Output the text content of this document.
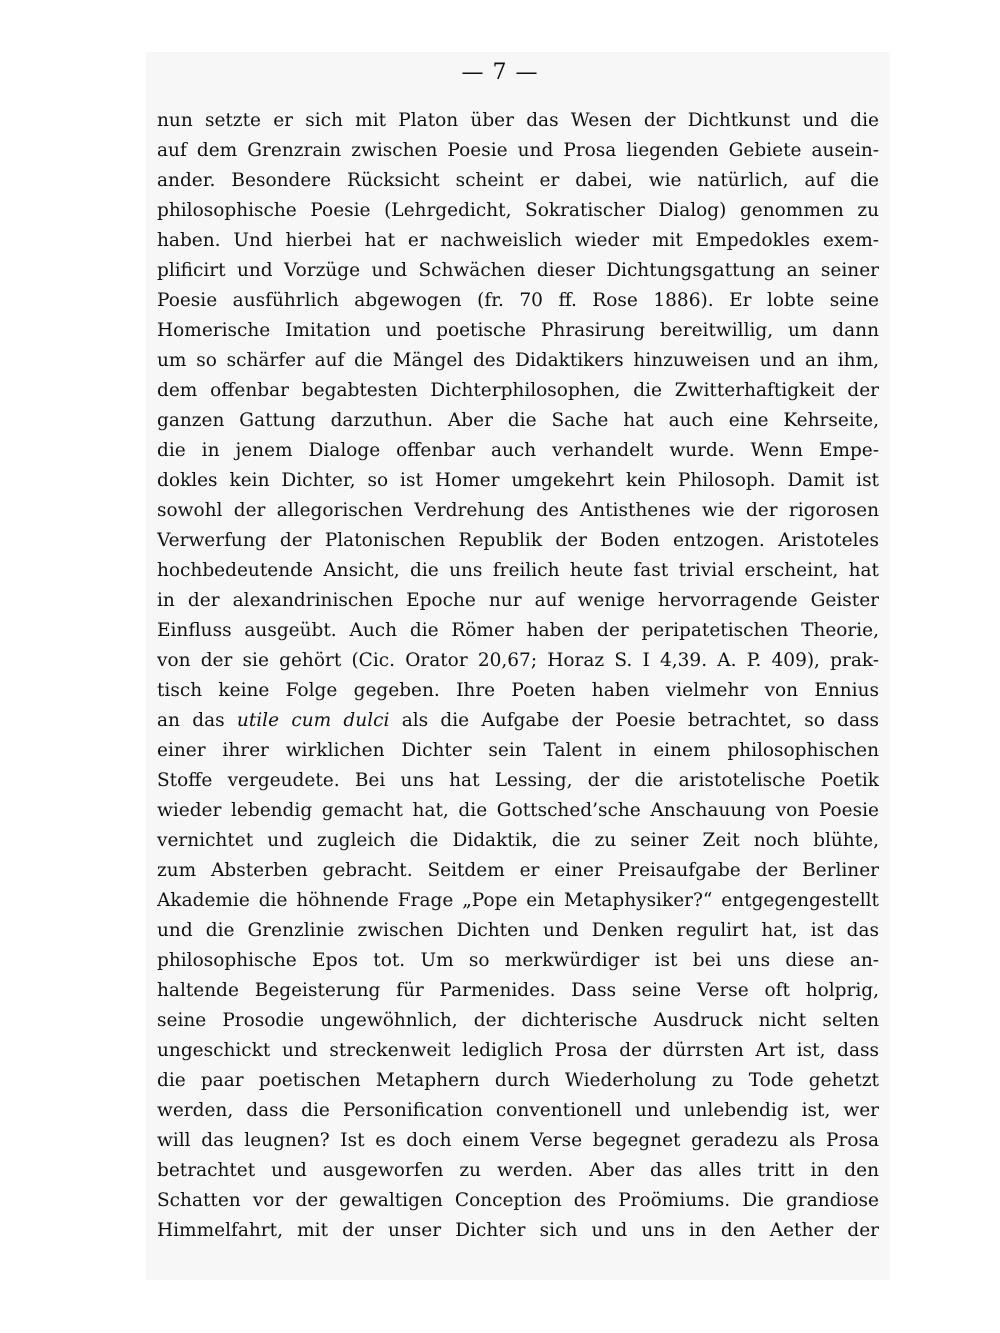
— 7 —
nun setzte er sich mit Platon über das Wesen der Dichtkunst und die
auf dem Grenzrain zwischen Poesie und Prosa liegenden Gebiete ausein-
ander. Besondere Rücksicht scheint er dabei, wie natürlich, auf die
philosophische Poesie (Lehrgedicht, Sokratischer Dialog) genommen zu
haben. Und hierbei hat er nachweislich wieder mit Empedokles exem-
plificirt und Vorzüge und Schwächen dieser Dichtungsgattung an seiner
Poesie ausführlich abgewogen (fr. 70 ff. Rose 1886). Er lobte seine
Homerische Imitation und poetische Phrasirung bereitwillig, um dann
um so schärfer auf die Mängel des Didaktikers hinzuweisen und an ihm,
dem offenbar begabtesten Dichterphilosophen, die Zwitterhaftigkeit der
ganzen Gattung darzuthun. Aber die Sache hat auch eine Kehrseite,
die in jenem Dialoge offenbar auch verhandelt wurde. Wenn Empe-
dokles kein Dichter, so ist Homer umgekehrt kein Philosoph. Damit ist
sowohl der allegorischen Verdrehung des Antisthenes wie der rigorosen
Verwerfung der Platonischen Republik der Boden entzogen. Aristoteles
hochbedeutende Ansicht, die uns freilich heute fast trivial erscheint, hat
in der alexandrinischen Epoche nur auf wenige hervorragende Geister
Einfluss ausgeübt. Auch die Römer haben der peripatetischen Theorie,
von der sie gehört (Cic. Orator 20,67; Horaz S. I 4,39. A. P. 409), prak-
tisch keine Folge gegeben. Ihre Poeten haben vielmehr von Ennius
an das utile cum dulci als die Aufgabe der Poesie betrachtet, so dass
einer ihrer wirklichen Dichter sein Talent in einem philosophischen
Stoffe vergeudete. Bei uns hat Lessing, der die aristotelische Poetik
wieder lebendig gemacht hat, die Gottsched’sche Anschauung von Poesie
vernichtet und zugleich die Didaktik, die zu seiner Zeit noch blühte,
zum Absterben gebracht. Seitdem er einer Preisaufgabe der Berliner
Akademie die höhnende Frage „Pope ein Metaphysiker?“ entgegengestellt
und die Grenzlinie zwischen Dichten und Denken regulirt hat, ist das
philosophische Epos tot. Um so merkwürdiger ist bei uns diese an-
haltende Begeisterung für Parmenides. Dass seine Verse oft holprig,
seine Prosodie ungewöhnlich, der dichterische Ausdruck nicht selten
ungeschickt und streckenweit lediglich Prosa der dürrsten Art ist, dass
die paar poetischen Metaphern durch Wiederholung zu Tode gehetzt
werden, dass die Personification conventionell und unlebendig ist, wer
will das leugnen? Ist es doch einem Verse begegnet geradezu als Prosa
betrachtet und ausgeworfen zu werden. Aber das alles tritt in den
Schatten vor der gewaltigen Conception des Proömiums. Die grandiose
Himmelfahrt, mit der unser Dichter sich und uns in den Aether der
